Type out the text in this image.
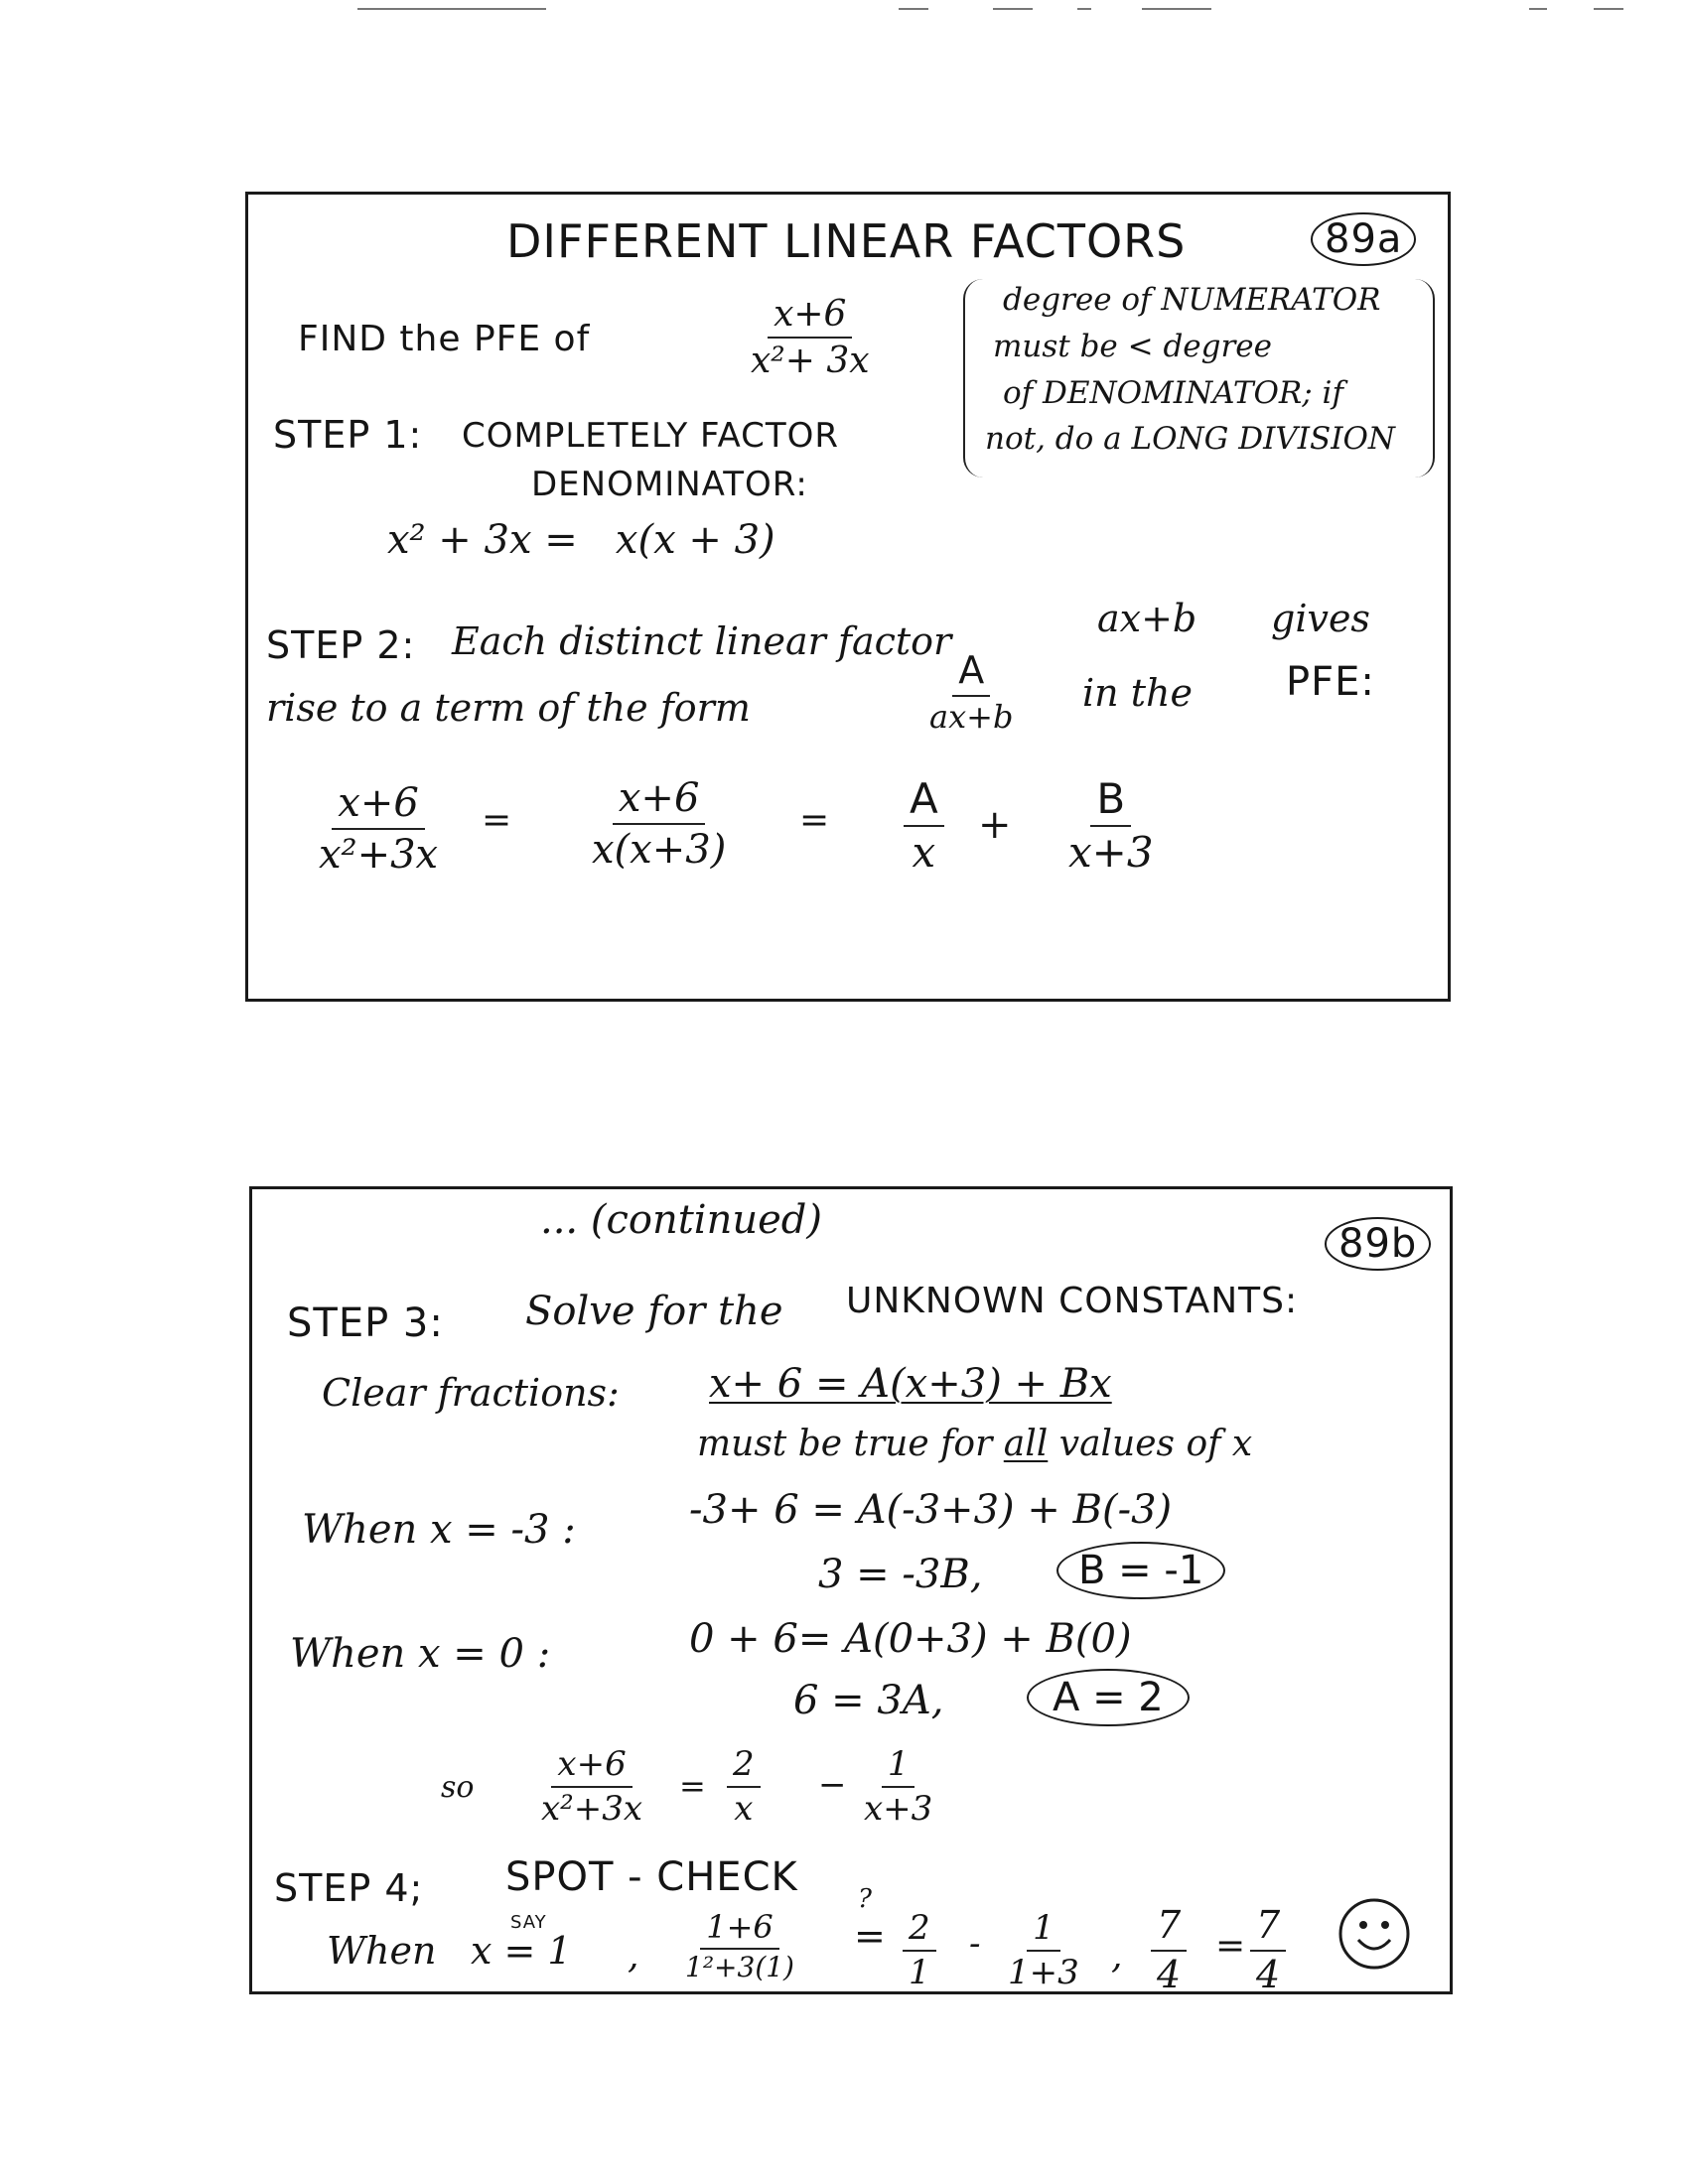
DIFFERENT LINEAR FACTORS	89a
FIND the PFE of	$\frac{x+6}{\text{x²+ 3x}}$	degree of NUMERATOR
must be < degree
of DENOMINATOR; if
not, do a LONG DIVISION
STEP 1: COMPLETELY FACTOR
DENOMINATOR:
x² + 3x =   x(x + 3)
STEP 2: Each distinct linear factor
ax+b gives
rise to a term of the form
A
ax+b
in the PFE:
$\frac{x+6}{\text{x²+3x}} = \frac{x+6}{x(x+3)} = \frac{A}{x} + \frac{B}{x+3}$
... (continued)
89b
STEP 3: Solve for the UNKNOWN CONSTANTS:
Clear fractions: x+ 6 = A(x+3) + Bx
must be true for all values of x
When x = -3 :	-3+ 6 = A(-3+3) + B(-3)
3 = -3B,	B = -1
When x = 0 :	0 + 6= A(0+3) + B(0)
6 = 3A,	A = 2
so $\frac{x+6}{\text{x²+3x}} = \frac{2}{x} - \frac{1}{x+3}$
STEP 4; SPOT - CHECK
When
SAY
x = 1 , $\frac{1+6}{\text{1²+3(1)}}$
?
= $\frac{2}{1} - \frac{1}{1+3}$ , $\frac{7}{4} = \frac{7}{4}$
